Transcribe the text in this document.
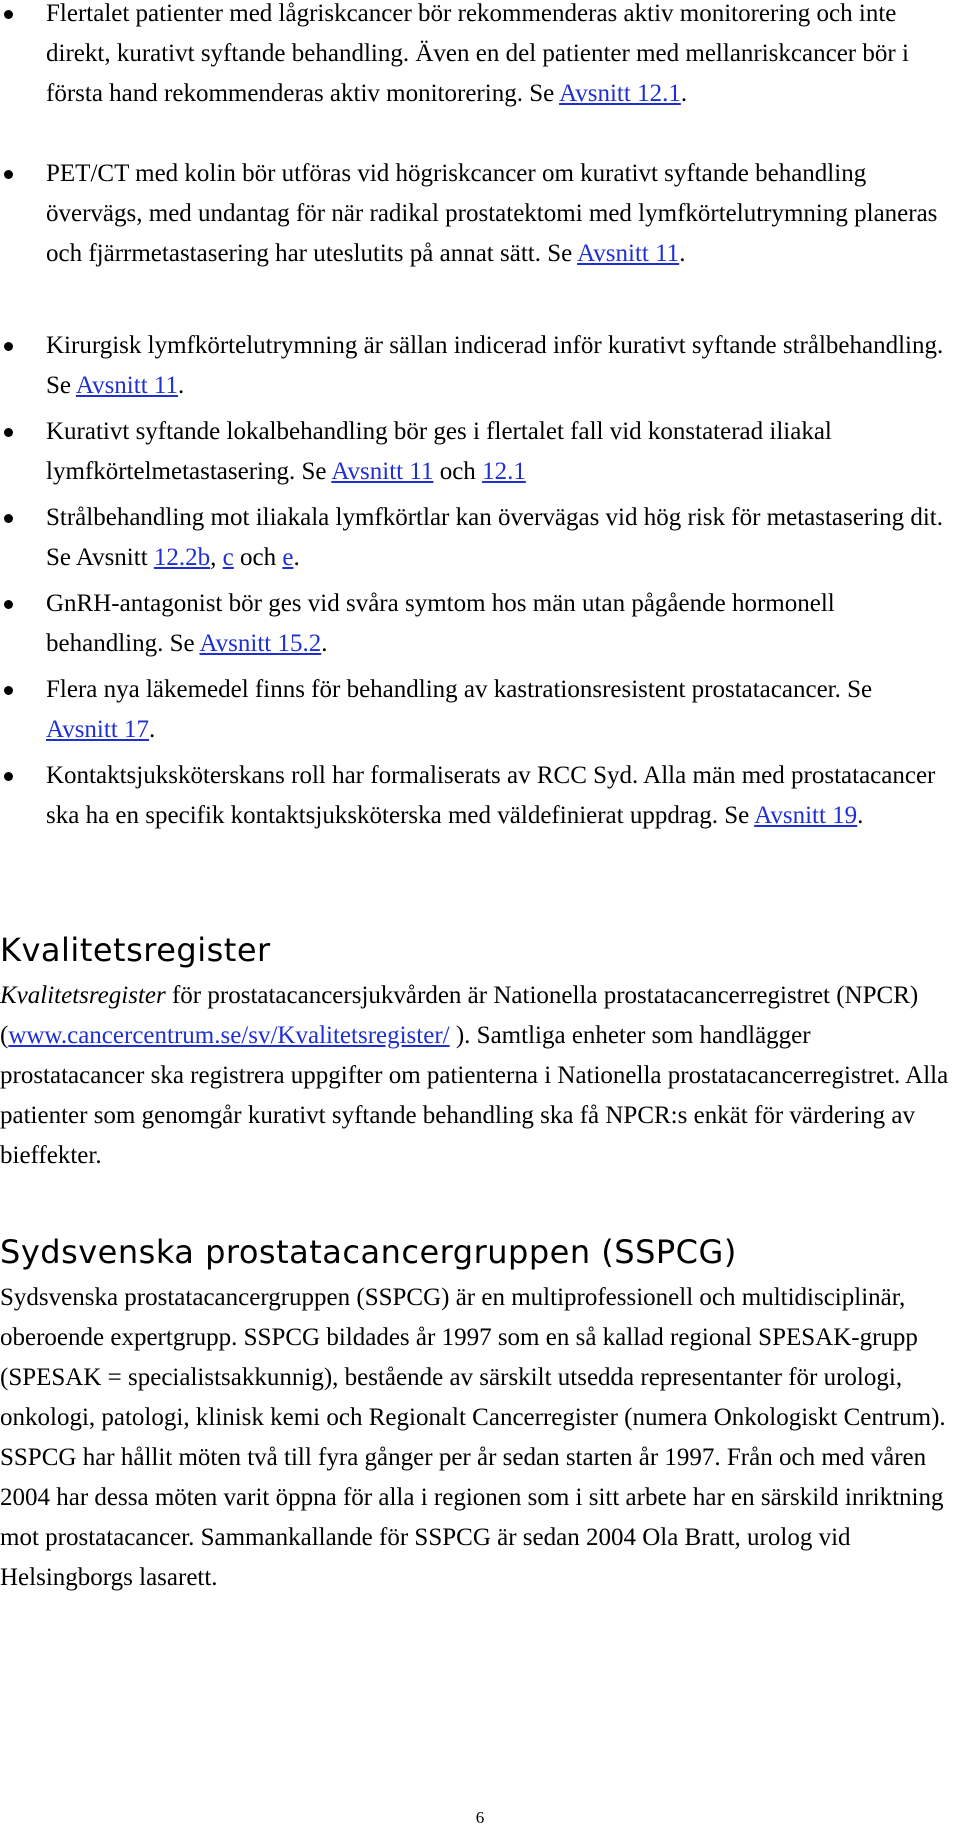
Flertalet patienter med lågriskcancer bör rekommenderas aktiv monitorering och inte direkt, kurativt syftande behandling. Även en del patienter med mellanriskcancer bör i första hand rekommenderas aktiv monitorering. Se Avsnitt 12.1.
PET/CT med kolin bör utföras vid högriskcancer om kurativt syftande behandling övervägs, med undantag för när radikal prostatektomi med lymfkörtelutrymning planeras och fjärrmetastasering har uteslutits på annat sätt. Se Avsnitt 11.
Kirurgisk lymfkörtelutrymning är sällan indicerad inför kurativt syftande strålbehandling. Se Avsnitt 11.
Kurativt syftande lokalbehandling bör ges i flertalet fall vid konstaterad iliakal lymfkörtelmetastasering. Se Avsnitt 11 och 12.1
Strålbehandling mot iliakala lymfkörtlar kan övervägas vid hög risk för metastasering dit. Se Avsnitt 12.2b, c och e.
GnRH-antagonist bör ges vid svåra symtom hos män utan pågående hormonell behandling. Se Avsnitt 15.2.
Flera nya läkemedel finns för behandling av kastrationsresistent prostatacancer. Se Avsnitt 17.
Kontaktsjuksköterskans roll har formaliserats av RCC Syd. Alla män med prostatacancer ska ha en specifik kontaktsjuksköterska med väldefinierat uppdrag. Se Avsnitt 19.
Kvalitetsregister

Kvalitetsregister för prostatacancersjukvården är Nationella prostatacancerregistret (NPCR) (www.cancercentrum.se/sv/Kvalitetsregister/ ). Samtliga enheter som handlägger prostatacancer ska registrera uppgifter om patienterna i Nationella prostatacancerregistret. Alla patienter som genomgår kurativt syftande behandling ska få NPCR:s enkät för värdering av bieffekter.

Sydsvenska prostatacancergruppen (SSPCG)

Sydsvenska prostatacancergruppen (SSPCG) är en multiprofessionell och multidisciplinär, oberoende expertgrupp. SSPCG bildades år 1997 som en så kallad regional SPESAK-grupp (SPESAK = specialistsakkunnig), bestående av särskilt utsedda representanter för urologi, onkologi, patologi, klinisk kemi och Regionalt Cancerregister (numera Onkologiskt Centrum). SSPCG har hållit möten två till fyra gånger per år sedan starten år 1997. Från och med våren 2004 har dessa möten varit öppna för alla i regionen som i sitt arbete har en särskild inriktning mot prostatacancer. Sammankallande för SSPCG är sedan 2004 Ola Bratt, urolog vid Helsingborgs lasarett.

6
